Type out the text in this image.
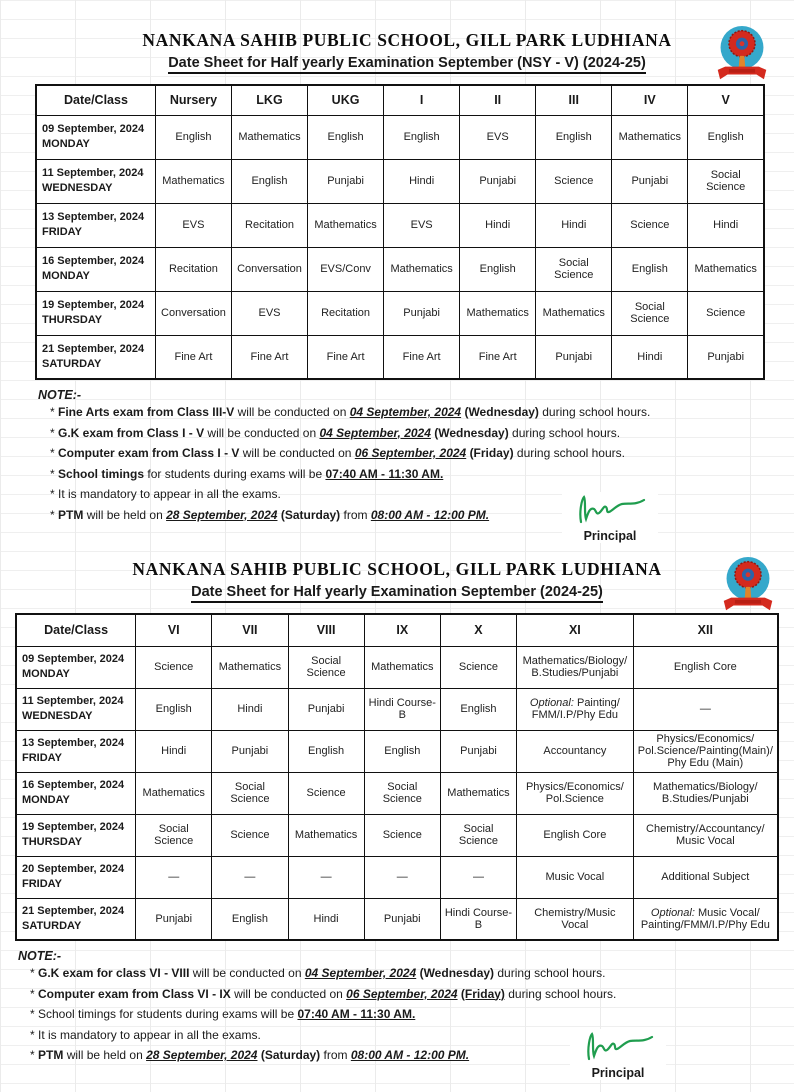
NANKANA SAHIB PUBLIC SCHOOL, GILL PARK LUDHIANA
Date Sheet for Half yearly Examination September (NSY - V) (2024-25)
Date/Class	Nursery	LKG	UKG	I	II	III	IV	V

09 September, 2024
MONDAY	English	Mathematics	English	English	EVS	English	Mathematics	English

11 September, 2024
WEDNESDAY	Mathematics	English	Punjabi	Hindi	Punjabi	Science	Punjabi	Social Science

13 September, 2024
FRIDAY	EVS	Recitation	Mathematics	EVS	Hindi	Hindi	Science	Hindi

16 September, 2024
MONDAY	Recitation	Conversation	EVS/Conv	Mathematics	English	Social Science	English	Mathematics

19 September, 2024
THURSDAY	Conversation	EVS	Recitation	Punjabi	Mathematics	Mathematics	Social Science	Science

21 September, 2024
SATURDAY	Fine Art	Fine Art	Fine Art	Fine Art	Fine Art	Punjabi	Hindi	Punjabi
NOTE:-
* Fine Arts exam from Class III-V will be conducted on 04 September, 2024 (Wednesday) during school hours.
* G.K exam from Class I - V will be conducted on 04 September, 2024 (Wednesday) during school hours.
* Computer exam from Class I - V will be conducted on 06 September, 2024 (Friday) during school hours.
* School timings for students during exams will be 07:40 AM - 11:30 AM.
* It is mandatory to appear in all the exams.
* PTM will be held on 28 September, 2024 (Saturday) from 08:00 AM - 12:00 PM.
Principal
NANKANA SAHIB PUBLIC SCHOOL, GILL PARK LUDHIANA
Date Sheet for Half yearly Examination September (2024-25)
Date/Class	VI	VII	VIII	IX	X	XI	XII

09 September, 2024
MONDAY	Science	Mathematics	Social Science	Mathematics	Science	Mathematics/Biology/ B.Studies/Punjabi	English Core

11 September, 2024
WEDNESDAY	English	Hindi	Punjabi	Hindi Course-B	English	Optional: Painting/ FMM/I.P/Phy Edu	—

13 September, 2024
FRIDAY	Hindi	Punjabi	English	English	Punjabi	Accountancy	Physics/Economics/ Pol.Science/Painting(Main)/ Phy Edu (Main)

16 September, 2024
MONDAY	Mathematics	Social Science	Science	Social Science	Mathematics	Physics/Economics/ Pol.Science	Mathematics/Biology/ B.Studies/Punjabi

19 September, 2024
THURSDAY	Social Science	Science	Mathematics	Science	Social Science	English Core	Chemistry/Accountancy/ Music Vocal

20 September, 2024
FRIDAY	—	—	—	—	—	Music Vocal	Additional Subject

21 September, 2024
SATURDAY	Punjabi	English	Hindi	Punjabi	Hindi Course-B	Chemistry/Music Vocal	Optional: Music Vocal/ Painting/FMM/I.P/Phy Edu
NOTE:-
* G.K exam for class VI - VIII will be conducted on 04 September, 2024 (Wednesday) during school hours.
* Computer exam from Class VI - IX will be conducted on 06 September, 2024 (Friday) during school hours.
* School timings for students during exams will be 07:40 AM - 11:30 AM.
* It is mandatory to appear in all the exams.
* PTM will be held on 28 September, 2024 (Saturday) from 08:00 AM - 12:00 PM.
Principal
